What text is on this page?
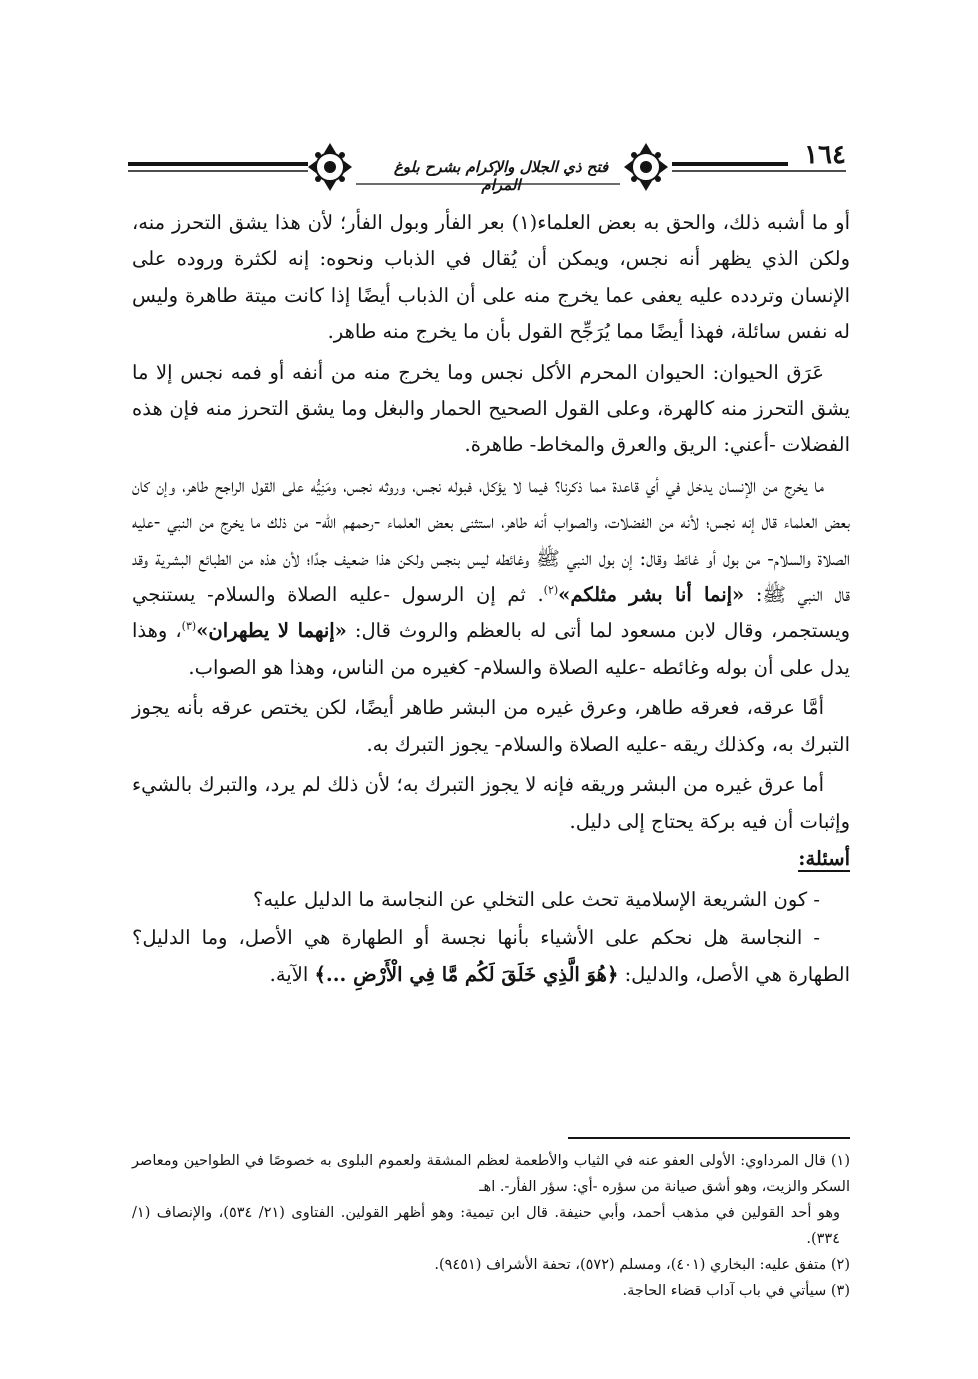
١٦٤
فتح ذي الجلال والإكرام بشرح بلوغ المرام

أو ما أشبه ذلك، والحق به بعض العلماء(١) بعر الفأر وبول الفأر؛ لأن هذا يشق التحرز منه، ولكن الذي يظهر أنه نجس، ويمكن أن يُقال في الذباب ونحوه: إنه لكثرة وروده على الإنسان وتردده عليه يعفى عما يخرج منه على أن الذباب أيضًا إذا كانت ميتة طاهرة وليس له نفس سائلة، فهذا أيضًا مما يُرَجِّح القول بأن ما يخرج منه طاهر.

عَرَق الحيوان: الحيوان المحرم الأكل نجس وما يخرج منه من أنفه أو فمه نجس إلا ما يشق التحرز منه كالهرة، وعلى القول الصحيح الحمار والبغل وما يشق التحرز منه فإن هذه الفضلات -أعني: الريق والعرق والمخاط- طاهرة.

ما يخرج من الإنسان يدخل في أي قاعدة مما ذكرنا؟ فيما لا يؤكل، فبوله نجس، وروثه نجس، ومَنِيُّه على القول الراجح طاهر، وإن كان بعض العلماء قال إنه نجس؛ لأنه من الفضلات، والصواب أنه طاهر، استثنى بعض العلماء -رحمهم الله- من ذلك ما يخرج من النبي -عليه الصلاة والسلام- من بول أو غائط وقال: إن بول النبي ﷺ وغائطه ليس بنجس ولكن هذا ضعيف جدًا؛ لأن هذه من الطبائع البشرية وقد قال النبي ﷺ: «إنما أنا بشر مثلكم»$^{(٢)}$. ثم إن الرسول -عليه الصلاة والسلام- يستنجي ويستجمر، وقال لابن مسعود لما أتى له بالعظم والروث قال: «إنهما لا يطهران»$^{(٣)}$، وهذا يدل على أن بوله وغائطه -عليه الصلاة والسلام- كغيره من الناس، وهذا هو الصواب.

أمَّا عرقه، فعرقه طاهر، وعرق غيره من البشر طاهر أيضًا، لكن يختص عرقه بأنه يجوز التبرك به، وكذلك ريقه -عليه الصلاة والسلام- يجوز التبرك به.

أما عرق غيره من البشر وريقه فإنه لا يجوز التبرك به؛ لأن ذلك لم يرد، والتبرك بالشيء وإثبات أن فيه بركة يحتاج إلى دليل.

أسئلة:

- كون الشريعة الإسلامية تحث على التخلي عن النجاسة ما الدليل عليه؟

- النجاسة هل نحكم على الأشياء بأنها نجسة أو الطهارة هي الأصل، وما الدليل؟ الطهارة هي الأصل، والدليل: ﴿هُوَ الَّذِي خَلَقَ لَكُم مَّا فِي الْأَرْضِ ...﴾ الآية.

(١) قال المرداوي: الأولى العفو عنه في الثياب والأطعمة لعظم المشقة ولعموم البلوى به خصوصًا في الطواحين ومعاصر السكر والزيت، وهو أشق صيانة من سؤره -أي: سؤر الفأر-. اهـ

وهو أحد القولين في مذهب أحمد، وأبي حنيفة. قال ابن تيمية: وهو أظهر القولين. الفتاوى (٢١/ ٥٣٤)، والإنصاف (١/ ٣٣٤).

(٢) متفق عليه: البخاري (٤٠١)، ومسلم (٥٧٢)، تحفة الأشراف (٩٤٥١).

(٣) سيأتي في باب آداب قضاء الحاجة.
